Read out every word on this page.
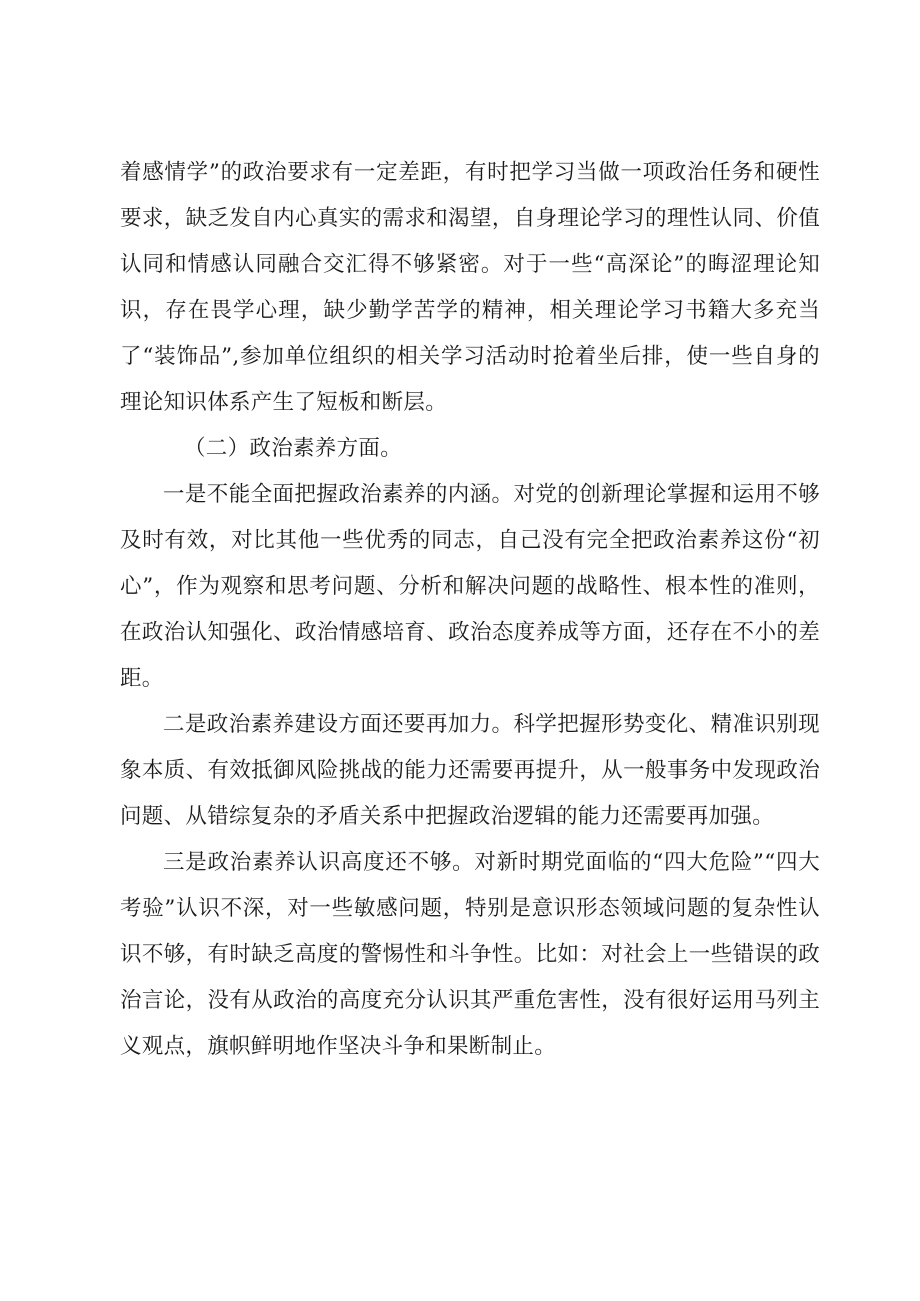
着感情学”的政治要求有一定差距，有时把学习当做一项政治任务和硬性要求，缺乏发自内心真实的需求和渴望，自身理论学习的理性认同、价值认同和情感认同融合交汇得不够紧密。对于一些“高深论”的晦涩理论知识，存在畏学心理，缺少勤学苦学的精神，相关理论学习书籍大多充当了“装饰品”,参加单位组织的相关学习活动时抢着坐后排，使一些自身的理论知识体系产生了短板和断层。

（二）政治素养方面。

一是不能全面把握政治素养的内涵。对党的创新理论掌握和运用不够及时有效，对比其他一些优秀的同志，自己没有完全把政治素养这份“初心”，作为观察和思考问题、分析和解决问题的战略性、根本性的准则，在政治认知强化、政治情感培育、政治态度养成等方面，还存在不小的差距。

二是政治素养建设方面还要再加力。科学把握形势变化、精准识别现象本质、有效抵御风险挑战的能力还需要再提升，从一般事务中发现政治问题、从错综复杂的矛盾关系中把握政治逻辑的能力还需要再加强。

三是政治素养认识高度还不够。对新时期党面临的“四大危险”“四大考验”认识不深，对一些敏感问题，特别是意识形态领域问题的复杂性认识不够，有时缺乏高度的警惕性和斗争性。比如：对社会上一些错误的政治言论，没有从政治的高度充分认识其严重危害性，没有很好运用马列主义观点，旗帜鲜明地作坚决斗争和果断制止。
